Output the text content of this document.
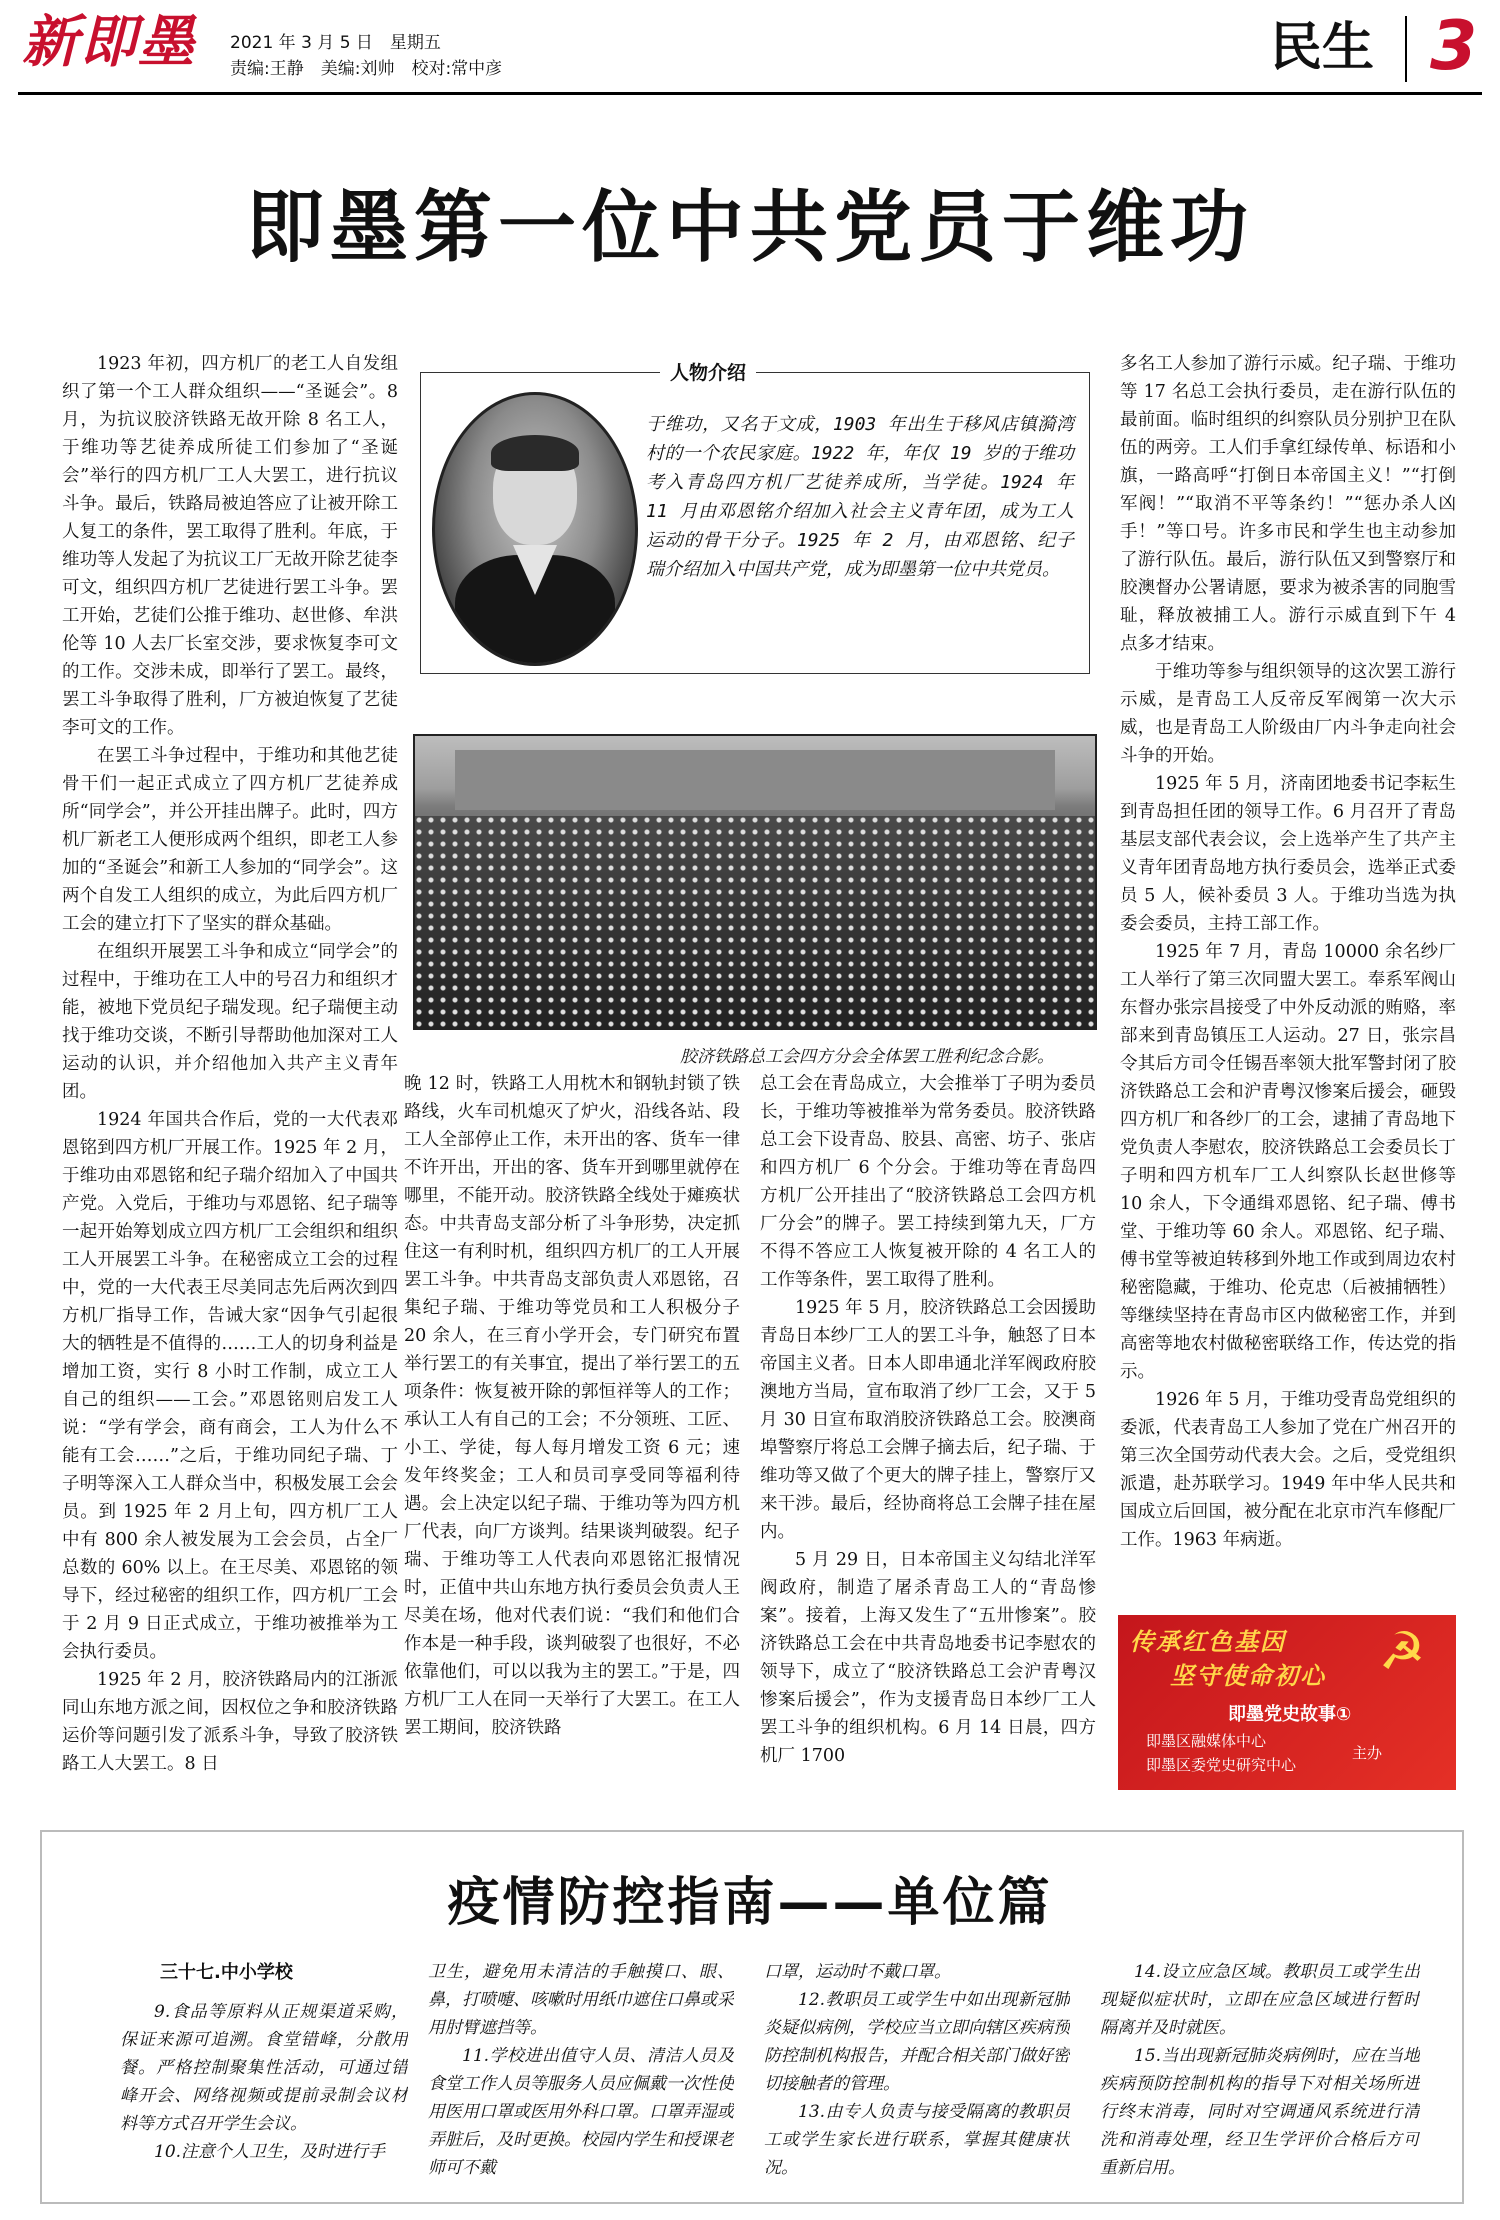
新即墨 2021 年 3 月 5 日　星期五
责编:王静　美编:刘帅　校对:常中彦	民生 3
即墨第一位中共党员于维功

1923 年初，四方机厂的老工人自发组织了第一个工人群众组织——“圣诞会”。8 月，为抗议胶济铁路无故开除 8 名工人，于维功等艺徒养成所徒工们参加了“圣诞会”举行的四方机厂工人大罢工，进行抗议斗争。最后，铁路局被迫答应了让被开除工人复工的条件，罢工取得了胜利。年底，于维功等人发起了为抗议工厂无故开除艺徒李可文，组织四方机厂艺徒进行罢工斗争。罢工开始，艺徒们公推于维功、赵世修、牟洪伦等 10 人去厂长室交涉，要求恢复李可文的工作。交涉未成，即举行了罢工。最终，罢工斗争取得了胜利，厂方被迫恢复了艺徒李可文的工作。

在罢工斗争过程中，于维功和其他艺徒骨干们一起正式成立了四方机厂艺徒养成所“同学会”，并公开挂出牌子。此时，四方机厂新老工人便形成两个组织，即老工人参加的“圣诞会”和新工人参加的“同学会”。这两个自发工人组织的成立，为此后四方机厂工会的建立打下了坚实的群众基础。

在组织开展罢工斗争和成立“同学会”的过程中，于维功在工人中的号召力和组织才能，被地下党员纪子瑞发现。纪子瑞便主动找于维功交谈，不断引导帮助他加深对工人运动的认识，并介绍他加入共产主义青年团。

1924 年国共合作后，党的一大代表邓恩铭到四方机厂开展工作。1925 年 2 月，于维功由邓恩铭和纪子瑞介绍加入了中国共产党。入党后，于维功与邓恩铭、纪子瑞等一起开始筹划成立四方机厂工会组织和组织工人开展罢工斗争。在秘密成立工会的过程中，党的一大代表王尽美同志先后两次到四方机厂指导工作，告诫大家“因争气引起很大的牺牲是不值得的……工人的切身利益是增加工资，实行 8 小时工作制，成立工人自己的组织——工会。”邓恩铭则启发工人说：“学有学会，商有商会，工人为什么不能有工会……”之后，于维功同纪子瑞、丁子明等深入工人群众当中，积极发展工会会员。到 1925 年 2 月上旬，四方机厂工人中有 800 余人被发展为工会会员，占全厂总数的 60% 以上。在王尽美、邓恩铭的领导下，经过秘密的组织工作，四方机厂工会于 2 月 9 日正式成立，于维功被推举为工会执行委员。

1925 年 2 月，胶济铁路局内的江浙派同山东地方派之间，因权位之争和胶济铁路运价等问题引发了派系斗争，导致了胶济铁路工人大罢工。8 日

人物介绍
于维功，又名于文成，1903 年出生于移风店镇漪湾村的一个农民家庭。1922 年，年仅 19 岁的于维功考入青岛四方机厂艺徒养成所，当学徒。1924 年 11 月由邓恩铭介绍加入社会主义青年团，成为工人运动的骨干分子。1925 年 2 月，由邓恩铭、纪子瑞介绍加入中国共产党，成为即墨第一位中共党员。
胶济铁路总工会四方分会全体罢工胜利纪念合影。

晚 12 时，铁路工人用枕木和钢轨封锁了铁路线，火车司机熄灭了炉火，沿线各站、段工人全部停止工作，未开出的客、货车一律不许开出，开出的客、货车开到哪里就停在哪里，不能开动。胶济铁路全线处于瘫痪状态。中共青岛支部分析了斗争形势，决定抓住这一有利时机，组织四方机厂的工人开展罢工斗争。中共青岛支部负责人邓恩铭，召集纪子瑞、于维功等党员和工人积极分子 20 余人，在三育小学开会，专门研究布置举行罢工的有关事宜，提出了举行罢工的五项条件：恢复被开除的郭恒祥等人的工作；承认工人有自己的工会；不分领班、工匠、小工、学徒，每人每月增发工资 6 元；速发年终奖金；工人和员司享受同等福利待遇。会上决定以纪子瑞、于维功等为四方机厂代表，向厂方谈判。结果谈判破裂。纪子瑞、于维功等工人代表向邓恩铭汇报情况时，正值中共山东地方执行委员会负责人王尽美在场，他对代表们说：“我们和他们合作本是一种手段，谈判破裂了也很好，不必依靠他们，可以以我为主的罢工。”于是，四方机厂工人在同一天举行了大罢工。在工人罢工期间，胶济铁路

总工会在青岛成立，大会推举丁子明为委员长，于维功等被推举为常务委员。胶济铁路总工会下设青岛、胶县、高密、坊子、张店和四方机厂 6 个分会。于维功等在青岛四方机厂公开挂出了“胶济铁路总工会四方机厂分会”的牌子。罢工持续到第九天，厂方不得不答应工人恢复被开除的 4 名工人的工作等条件，罢工取得了胜利。

1925 年 5 月，胶济铁路总工会因援助青岛日本纱厂工人的罢工斗争，触怒了日本帝国主义者。日本人即串通北洋军阀政府胶澳地方当局，宣布取消了纱厂工会，又于 5 月 30 日宣布取消胶济铁路总工会。胶澳商埠警察厅将总工会牌子摘去后，纪子瑞、于维功等又做了个更大的牌子挂上，警察厅又来干涉。最后，经协商将总工会牌子挂在屋内。

5 月 29 日，日本帝国主义勾结北洋军阀政府，制造了屠杀青岛工人的“青岛惨案”。接着，上海又发生了“五卅惨案”。胶济铁路总工会在中共青岛地委书记李慰农的领导下，成立了“胶济铁路总工会沪青粤汉惨案后援会”，作为支援青岛日本纱厂工人罢工斗争的组织机构。6 月 14 日晨，四方机厂 1700

多名工人参加了游行示威。纪子瑞、于维功等 17 名总工会执行委员，走在游行队伍的最前面。临时组织的纠察队员分别护卫在队伍的两旁。工人们手拿红绿传单、标语和小旗，一路高呼“打倒日本帝国主义！”“打倒军阀！”“取消不平等条约！”“惩办杀人凶手！”等口号。许多市民和学生也主动参加了游行队伍。最后，游行队伍又到警察厅和胶澳督办公署请愿，要求为被杀害的同胞雪耻，释放被捕工人。游行示威直到下午 4 点多才结束。

于维功等参与组织领导的这次罢工游行示威，是青岛工人反帝反军阀第一次大示威，也是青岛工人阶级由厂内斗争走向社会斗争的开始。

1925 年 5 月，济南团地委书记李耘生到青岛担任团的领导工作。6 月召开了青岛基层支部代表会议，会上选举产生了共产主义青年团青岛地方执行委员会，选举正式委员 5 人，候补委员 3 人。于维功当选为执委会委员，主持工部工作。

1925 年 7 月，青岛 10000 余名纱厂工人举行了第三次同盟大罢工。奉系军阀山东督办张宗昌接受了中外反动派的贿赂，率部来到青岛镇压工人运动。27 日，张宗昌令其后方司令任锡吾率领大批军警封闭了胶济铁路总工会和沪青粤汉惨案后援会，砸毁四方机厂和各纱厂的工会，逮捕了青岛地下党负责人李慰农，胶济铁路总工会委员长丁子明和四方机车厂工人纠察队长赵世修等 10 余人，下令通缉邓恩铭、纪子瑞、傅书堂、于维功等 60 余人。邓恩铭、纪子瑞、傅书堂等被迫转移到外地工作或到周边农村秘密隐藏，于维功、伦克忠（后被捕牺牲）等继续坚持在青岛市区内做秘密工作，并到高密等地农村做秘密联络工作，传达党的指示。

1926 年 5 月，于维功受青岛党组织的委派，代表青岛工人参加了党在广州召开的第三次全国劳动代表大会。之后，受党组织派遣，赴苏联学习。1949 年中华人民共和国成立后回国，被分配在北京市汽车修配厂工作。1963 年病逝。

传承红色基因
坚守使命初心 ☭
即墨党史故事①
即墨区融媒体中心
即墨区委党史研究中心
主办
疫情防控指南——单位篇
三十七.中小学校

9.食品等原料从正规渠道采购，保证来源可追溯。食堂错峰，分散用餐。严格控制聚集性活动，可通过错峰开会、网络视频或提前录制会议材料等方式召开学生会议。

10.注意个人卫生，及时进行手

卫生，避免用未清洁的手触摸口、眼、鼻，打喷嚏、咳嗽时用纸巾遮住口鼻或采用肘臂遮挡等。

11.学校进出值守人员、清洁人员及食堂工作人员等服务人员应佩戴一次性使用医用口罩或医用外科口罩。口罩弄湿或弄脏后，及时更换。校园内学生和授课老师可不戴

口罩，运动时不戴口罩。

12.教职员工或学生中如出现新冠肺炎疑似病例，学校应当立即向辖区疾病预防控制机构报告，并配合相关部门做好密切接触者的管理。

13.由专人负责与接受隔离的教职员工或学生家长进行联系，掌握其健康状况。

14.设立应急区域。教职员工或学生出现疑似症状时，立即在应急区域进行暂时隔离并及时就医。

15.当出现新冠肺炎病例时，应在当地疾病预防控制机构的指导下对相关场所进行终末消毒，同时对空调通风系统进行清洗和消毒处理，经卫生学评价合格后方可重新启用。
